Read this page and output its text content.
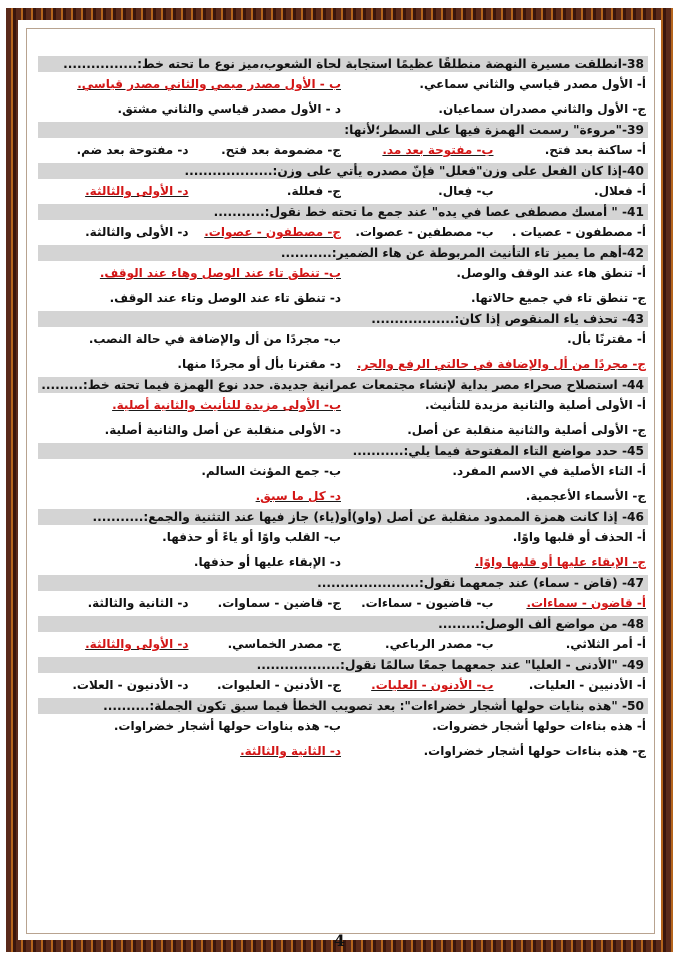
38-انطلقت مسيرة النهضة منطلقًا عظيمًا استجابة لحاة الشعوب،ميز نوع ما تحته خط:................
أ- الأول مصدر قياسي والثاني سماعي.
ب - الأول مصدر ميمي والثاني مصدر قياسي.
ج- الأول والثاني مصدران سماعيان.
د - الأول مصدر قياسي والثاني مشتق.
39-"مروءة" رسمت الهمزة فيها على السطر؛لأنها:
أ- ساكنة بعد فتح.
ب- مفتوحة بعد مد.
ج- مضمومة بعد فتح.
د- مفتوحة بعد ضم.
40-إذا كان الفعل على وزن"فعلل" فإنّ مصدره يأتي على وزن:...................
أ- فعلال.
ب- فِعال.
ج- فعللة.
د- الأولى والثالثة.
41- " أمسك مصطفى عصا في يده" عند جمع ما تحته خط نقول:...........
أ- مصطفون - عصيات .
ب- مصطفين - عصوات.
ج- مصطفون - عصوات.
د- الأولى والثالثة.
42-أهم ما يميز تاء التأنيث المربوطة عن هاء الضمير:...........
أ- تنطق هاء عند الوقف والوصل.
ب- تنطق تاء عند الوصل وهاء عند الوقف.
ج- تنطق تاء في جميع حالاتها.
د- تنطق تاء عند الوصل وتاء عند الوقف.
43- تحذف ياء المنقوص إذا كان:..................
أ- مقترنًا بأل.
ب- مجردًا من أل والإضافة في حالة النصب.
ج- مجردًا من أل والإضافة في حالتي الرفع والجر.
د- مقترنا بأل أو مجردًا منها.
44- استصلاح صحراء مصر بداية لإنشاء مجتمعات عمرانية جديدة. حدد نوع الهمزة فيما تحته خط:.........
أ- الأولى أصلية والثانية مزيدة للتأنيث.
ب- الأولى مزيدة للتأنيث والثانية أصلية.
ج- الأولى أصلية والثانية منقلبة عن أصل.
د- الأولى منقلبة عن أصل والثانية أصلية.
45- حدد مواضع التاء المفتوحة فيما يلي:...........
أ- التاء الأصلية في الاسم المفرد.
ب- جمع المؤنث السالم.
ج- الأسماء الأعجمية.
د- كل ما سبق.
46- إذا كانت همزة الممدود منقلبة عن أصل (واو)أو(ياء) جاز فيها عند التثنية والجمع:...........
أ- الحذف أو قلبها واوًا.
ب- القلب واوًا أو ياءً أو حذفها.
ج- الإبقاء عليها أو قلبها واوًا.
د- الإبقاء عليها أو حذفها.
47- (قاض - سماء) عند جمعهما نقول:......................
أ- قاضون - سماءات.
ب- قاضيون - سماءات.
ج- قاضين - سماوات.
د- الثانية والثالثة.
48- من مواضع ألف الوصل:.........
أ- أمر الثلاثي.
ب- مصدر الرباعي.
ج- مصدر الخماسي.
د- الأولى والثالثة.
49- "الأدنى - العليا" عند جمعهما جمعًا سالمًا نقول:..................
أ- الأدنيين - العليات.
ب- الأدنون - العليات.
ج- الأدنين - العليوات.
د- الأدنيون - العلات.
50- "هذه بنايات حولها أشجار خضراءات": بعد تصويب الخطأ فيما سبق تكون الجملة:..........
أ- هذه بناءات حولها أشجار خضروات.
ب- هذه بناوات حولها أشجار خضراوات.
ج- هذه بناءات حولها أشجار خضراوات.
د- الثانية والثالثة.
4
